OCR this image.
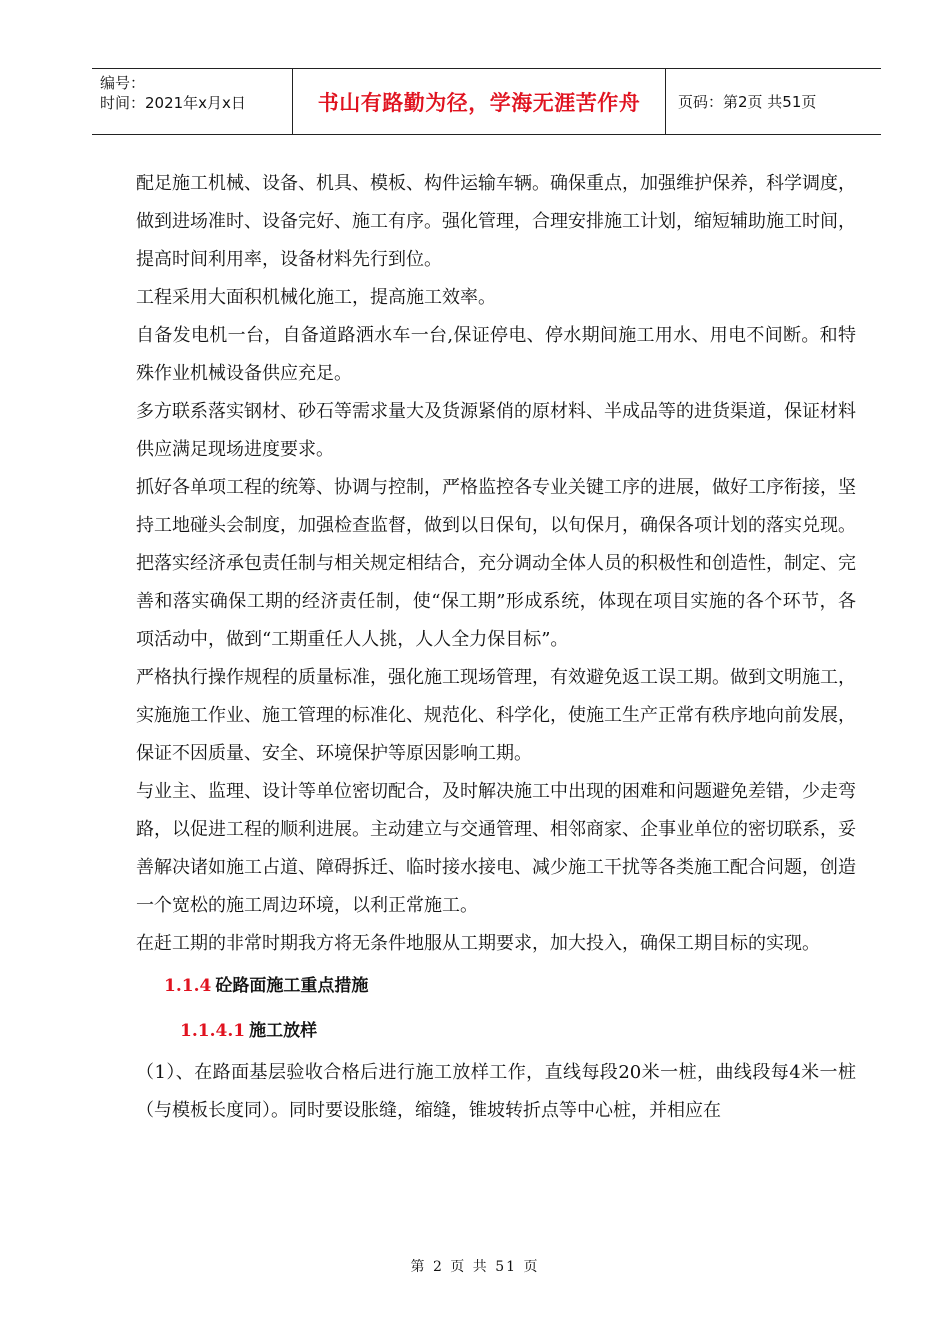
编号：
时间：2021年x月x日	书山有路勤为径，学海无涯苦作舟	页码：第2页 共51页

配足施工机械、设备、机具、模板、构件运输车辆。确保重点，加强维护保养，科学调度，做到进场准时、设备完好、施工有序。强化管理，合理安排施工计划，缩短辅助施工时间，提高时间利用率，设备材料先行到位。

工程采用大面积机械化施工，提高施工效率。

自备发电机一台，自备道路洒水车一台,保证停电、停水期间施工用水、用电不间断。和特殊作业机械设备供应充足。

多方联系落实钢材、砂石等需求量大及货源紧俏的原材料、半成品等的进货渠道，保证材料供应满足现场进度要求。

抓好各单项工程的统筹、协调与控制，严格监控各专业关键工序的进展，做好工序衔接，坚持工地碰头会制度，加强检查监督，做到以日保旬，以旬保月，确保各项计划的落实兑现。

把落实经济承包责任制与相关规定相结合，充分调动全体人员的积极性和创造性，制定、完善和落实确保工期的经济责任制，使“保工期”形成系统，体现在项目实施的各个环节，各项活动中，做到“工期重任人人挑，人人全力保目标”。

严格执行操作规程的质量标准，强化施工现场管理，有效避免返工误工期。做到文明施工，实施施工作业、施工管理的标准化、规范化、科学化，使施工生产正常有秩序地向前发展，保证不因质量、安全、环境保护等原因影响工期。

与业主、监理、设计等单位密切配合，及时解决施工中出现的困难和问题避免差错，少走弯路，以促进工程的顺利进展。主动建立与交通管理、相邻商家、企事业单位的密切联系，妥善解决诸如施工占道、障碍拆迁、临时接水接电、减少施工干扰等各类施工配合问题，创造一个宽松的施工周边环境，以利正常施工。

在赶工期的非常时期我方将无条件地服从工期要求，加大投入，确保工期目标的实现。

1.1.4 砼路面施工重点措施
1.1.4.1 施工放样

（1）、在路面基层验收合格后进行施工放样工作，直线每段20米一桩，曲线段每4米一桩（与模板长度同）。同时要设胀缝，缩缝，锥坡转折点等中心桩，并相应在

第 2 页 共 51 页
